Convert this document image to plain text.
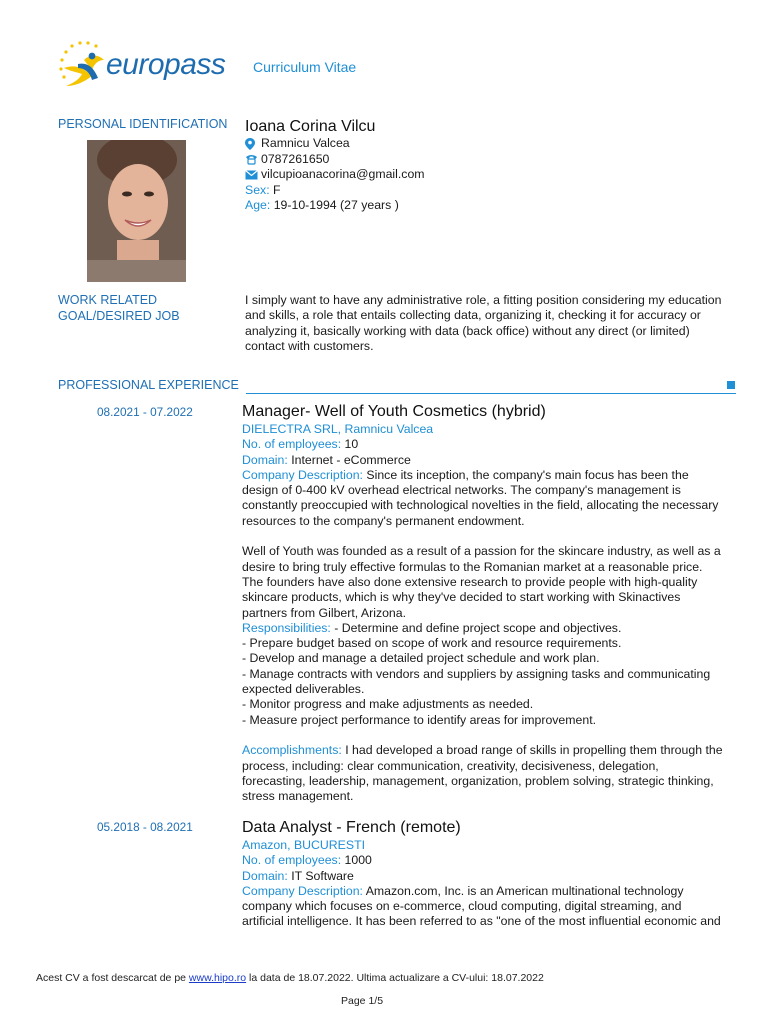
europass Curriculum Vitae
PERSONAL IDENTIFICATION Ioana Corina Vilcu
Ramnicu Valcea
0787261650
vilcupioanacorina@gmail.com
Sex:
F
Age:
19-10-1994 (27 years )
WORK RELATED
GOAL/DESIRED JOB
I simply want to have any administrative role, a fitting position considering my education
and skills, a role that entails collecting data, organizing it, checking it for accuracy or
analyzing it, basically working with data (back office) without any direct (or limited)
contact with customers.
PROFESSIONAL EXPERIENCE
08.2021 - 07.2022	Manager- Well of Youth Cosmetics (hybrid)
DIELECTRA SRL, Ramnicu Valcea
No. of employees: 10
Domain: Internet - eCommerce
Company Description: Since its inception, the company's main focus has been the
design of 0-400 kV overhead electrical networks. The company's management is
constantly preoccupied with technological novelties in the field, allocating the necessary
resources to the company's permanent endowment.
Well of Youth was founded as a result of a passion for the skincare industry, as well as a
desire to bring truly effective formulas to the Romanian market at a reasonable price.
The founders have also done extensive research to provide people with high-quality
skincare products, which is why they've decided to start working with Skinactives
partners from Gilbert, Arizona.
Responsibilities: - Determine and define project scope and objectives.
- Prepare budget based on scope of work and resource requirements.
- Develop and manage a detailed project schedule and work plan.
- Manage contracts with vendors and suppliers by assigning tasks and communicating
expected deliverables.
- Monitor progress and make adjustments as needed.
- Measure project performance to identify areas for improvement.
Accomplishments: I had developed a broad range of skills in propelling them through the
process, including: clear communication, creativity, decisiveness, delegation,
forecasting, leadership, management, organization, problem solving, strategic thinking,
stress management.
05.2018 - 08.2021	Data Analyst - French (remote)
Amazon, BUCURESTI
No. of employees: 1000
Domain: IT Software
Company Description: Amazon.com, Inc. is an American multinational technology
company which focuses on e-commerce, cloud computing, digital streaming, and
artificial intelligence. It has been referred to as "one of the most influential economic and
Acest CV a fost descarcat de pe www.hipo.ro la data de 18.07.2022. Ultima actualizare a CV-ului: 18.07.2022
Page 1/5
